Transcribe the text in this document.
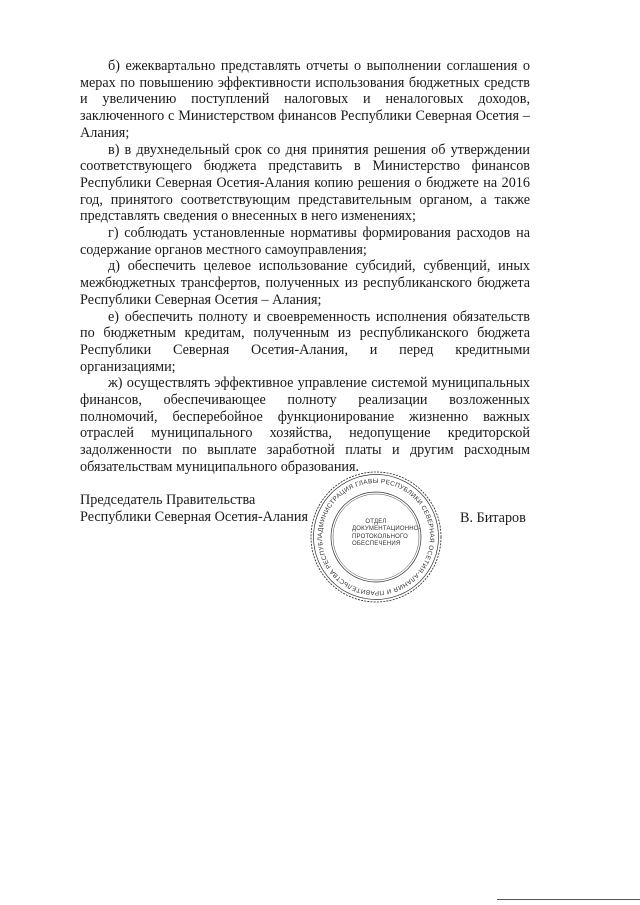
б) ежеквартально представлять отчеты о выполнении соглашения о мерах по повышению эффективности использования бюджетных средств и увеличению поступлений налоговых и неналоговых доходов, заключенного с Министерством финансов Республики Северная Осетия – Алания;

в) в двухнедельный срок со дня принятия решения об утверждении соответствующего бюджета представить в Министерство финансов Республики Северная Осетия-Алания копию решения о бюджете на 2016 год, принятого соответствующим представительным органом, а также представлять сведения о внесенных в него изменениях;

г) соблюдать установленные нормативы формирования расходов на содержание органов местного самоуправления;

д) обеспечить целевое использование субсидий, субвенций, иных межбюджетных трансфертов, полученных из республиканского бюджета Республики Северная Осетия – Алания;

е) обеспечить полноту и своевременность исполнения обязательств по бюджетным кредитам, полученным из республиканского бюджета Республики Северная Осетия-Алания, и перед кредитными организациями;

ж) осуществлять эффективное управление системой муниципальных финансов, обеспечивающее полноту реализации возложенных полномочий, бесперебойное функционирование жизненно важных отраслей муниципального хозяйства, недопущение кредиторской задолженности по выплате заработной платы и другим расходным обязательствам муниципального образования.

Председатель Правительства
Республики Северная Осетия-Алания
АДМИНИСТРАЦИЯ ГЛАВЫ РЕСПУБЛИКИ СЕВЕРНАЯ ОСЕТИЯ-АЛАНИЯ И ПРАВИТЕЛЬСТВА РЕСПУБЛ
ОТДЕЛ
ДОКУМЕНТАЦИОННО-
ПРОТОКОЛЬНОГО
ОБЕСПЕЧЕНИЯ
В. Битаров
